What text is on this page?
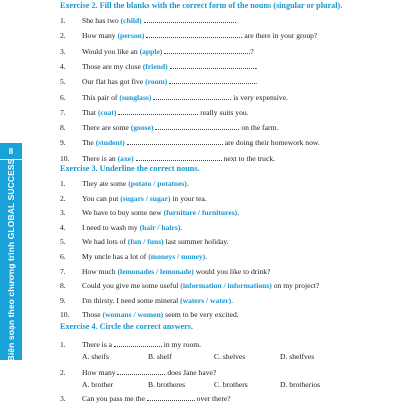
8
Biên soạn theo chương trình GLOBAL SUCCESS
Exercise 2. Fill the blanks with the correct form of the nouns (singular or plural).
1. She has two (child)
2. How many (person)	are there in your group?
3. Would you like an (apple)	?
4. Those are my close (friend)	.
5. Our flat has got five (room)	.
6. This pair of (sunglass)	is very expensive.
7. That (coat)	really suits you.
8. There are some (goose)	on the farm.
9. The (student)	are doing their homework now.
10. There is an (axe)	next to the truck.
Exercise 3. Underline the correct nouns.
1. They ate some (potato / potatoes).
2. You can put (sugars / sugar) in your tea.
3. We have to buy some new (furniture / furnitures).
4. I need to wash my (hair / hairs).
5. We had lots of (fun / funs) last summer holiday.
6. My uncle has a lot of (moneys / money).
7. How much (lemonades / lemonade) would you like to drink?
8. Could you give me some useful (information / informations) on my project?
9. I'm thirsty. I need some mineral (waters / water).
10. Those (womans / women) seem to be very excited.
Exercise 4. Circle the correct answers.
1. There is a	in my room.
A. sheifs	B. shelf	C. shelves	D. shelfves
2. How many	does Jane have?
A. brother	B. brotheres	C. brothers	D. brotherios
3. Can you pass me the	over there?
